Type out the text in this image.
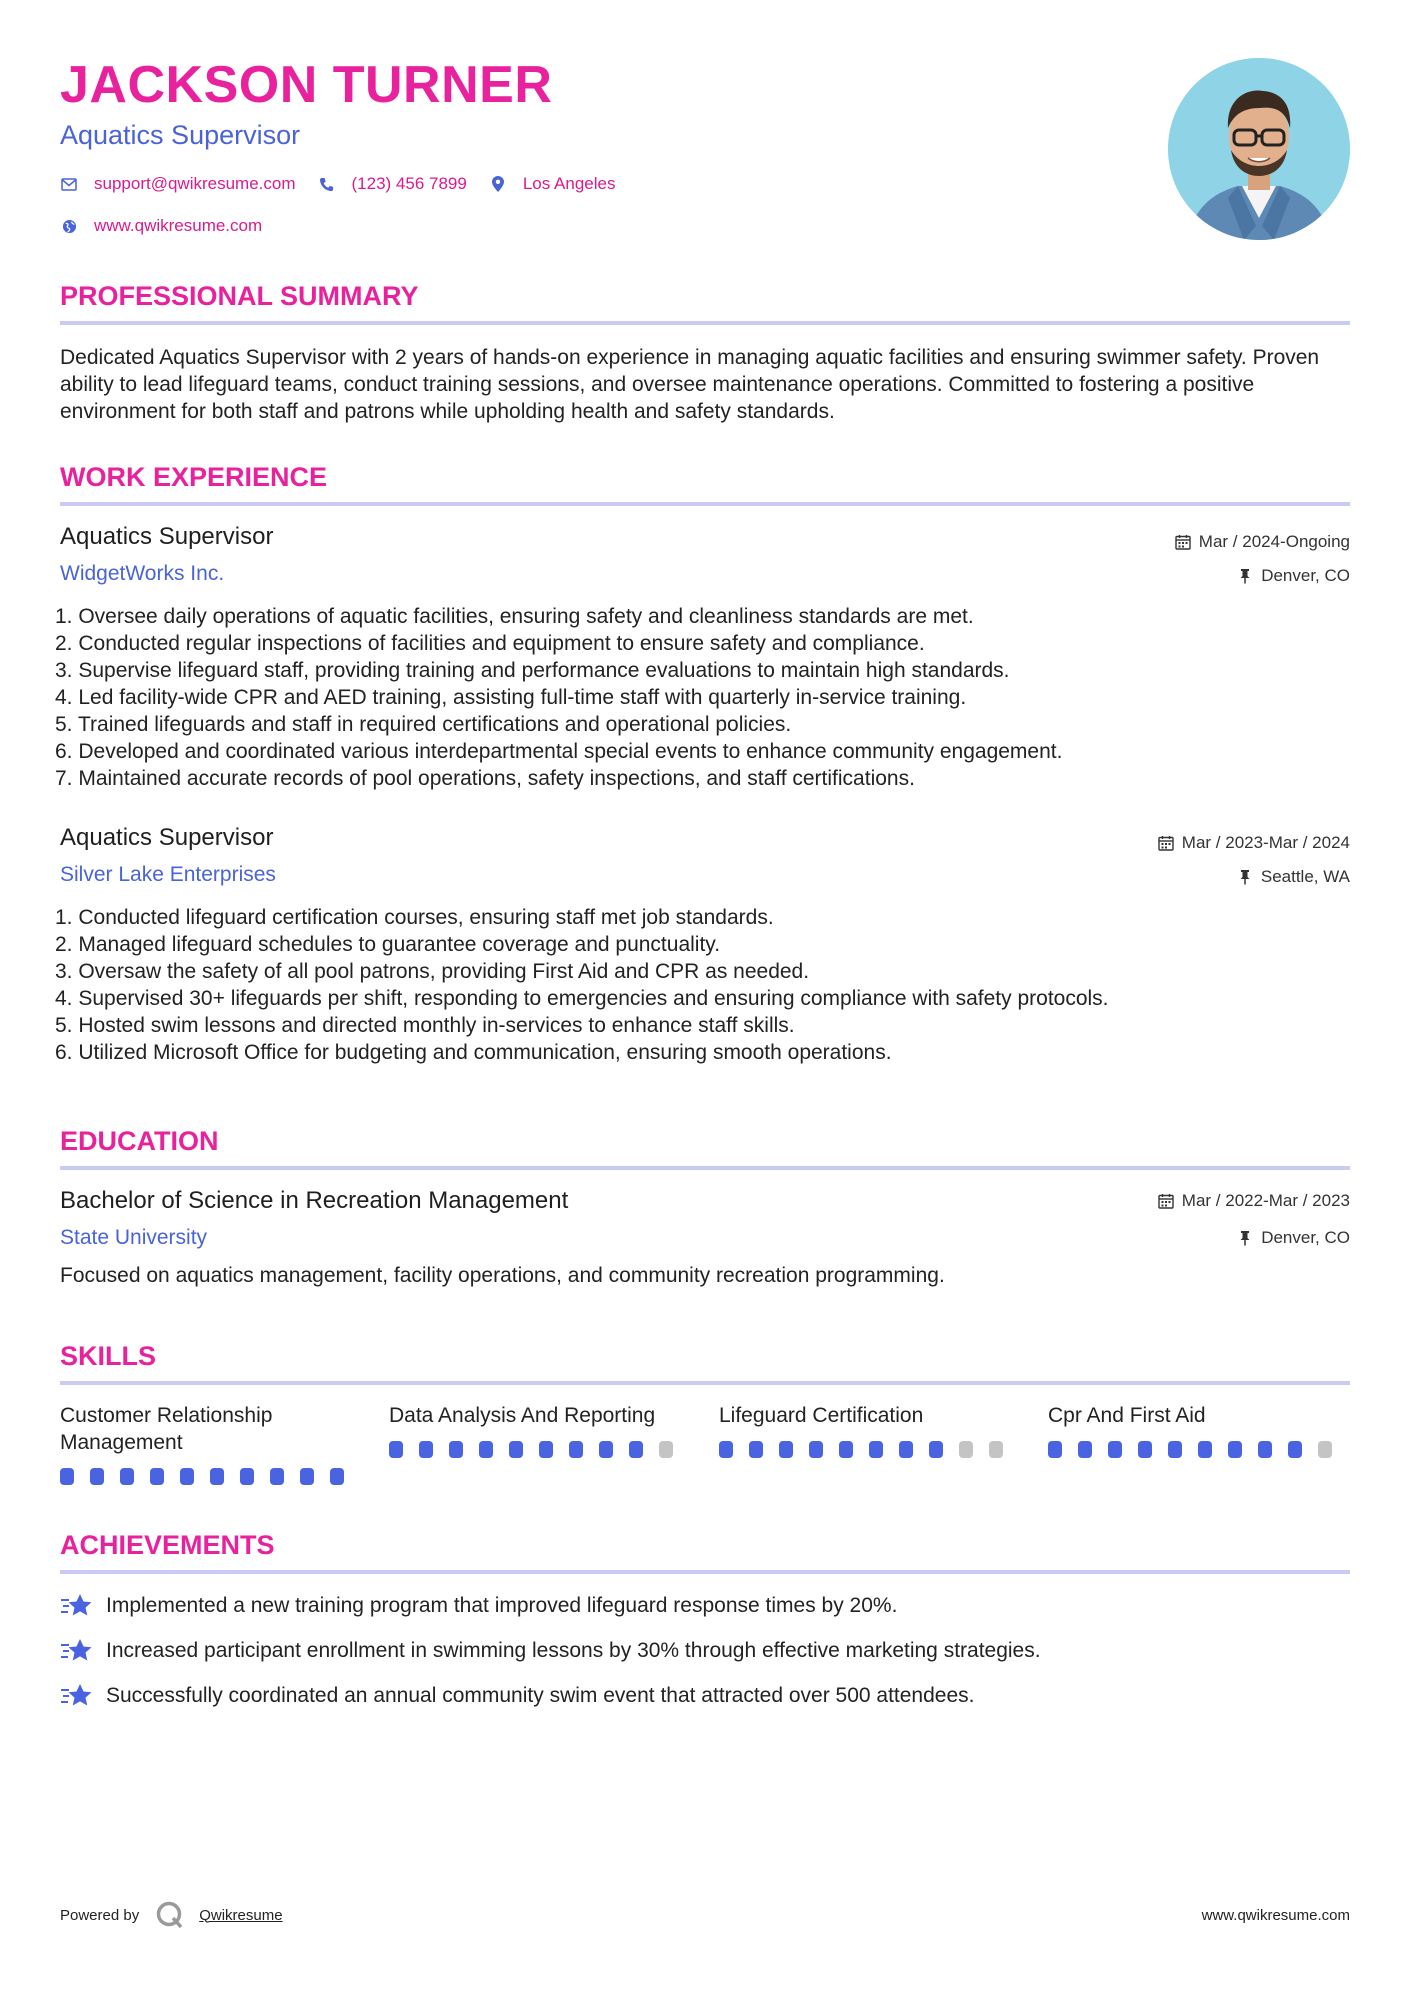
JACKSON TURNER
Aquatics Supervisor
support@qwikresume.com	(123) 456 7899	Los Angeles
www.qwikresume.com
PROFESSIONAL SUMMARY
Dedicated Aquatics Supervisor with 2 years of hands-on experience in managing aquatic facilities and ensuring swimmer safety. Proven ability to lead lifeguard teams, conduct training sessions, and oversee maintenance operations. Committed to fostering a positive environment for both staff and patrons while upholding health and safety standards.
WORK EXPERIENCE
Aquatics Supervisor	Mar / 2024-Ongoing
WidgetWorks Inc.	Denver, CO
1. Oversee daily operations of aquatic facilities, ensuring safety and cleanliness standards are met.
2. Conducted regular inspections of facilities and equipment to ensure safety and compliance.
3. Supervise lifeguard staff, providing training and performance evaluations to maintain high standards.
4. Led facility-wide CPR and AED training, assisting full-time staff with quarterly in-service training.
5. Trained lifeguards and staff in required certifications and operational policies.
6. Developed and coordinated various interdepartmental special events to enhance community engagement.
7. Maintained accurate records of pool operations, safety inspections, and staff certifications.
Aquatics Supervisor	Mar / 2023-Mar / 2024
Silver Lake Enterprises	Seattle, WA
1. Conducted lifeguard certification courses, ensuring staff met job standards.
2. Managed lifeguard schedules to guarantee coverage and punctuality.
3. Oversaw the safety of all pool patrons, providing First Aid and CPR as needed.
4. Supervised 30+ lifeguards per shift, responding to emergencies and ensuring compliance with safety protocols.
5. Hosted swim lessons and directed monthly in-services to enhance staff skills.
6. Utilized Microsoft Office for budgeting and communication, ensuring smooth operations.
EDUCATION
Bachelor of Science in Recreation Management	Mar / 2022-Mar / 2023
State University	Denver, CO
Focused on aquatics management, facility operations, and community recreation programming.
SKILLS
Customer Relationship Management
Data Analysis And Reporting	Lifeguard Certification	Cpr And First Aid
ACHIEVEMENTS
Implemented a new training program that improved lifeguard response times by 20%.
Increased participant enrollment in swimming lessons by 30% through effective marketing strategies.
Successfully coordinated an annual community swim event that attracted over 500 attendees.
Powered by	Qwikresume	www.qwikresume.com
